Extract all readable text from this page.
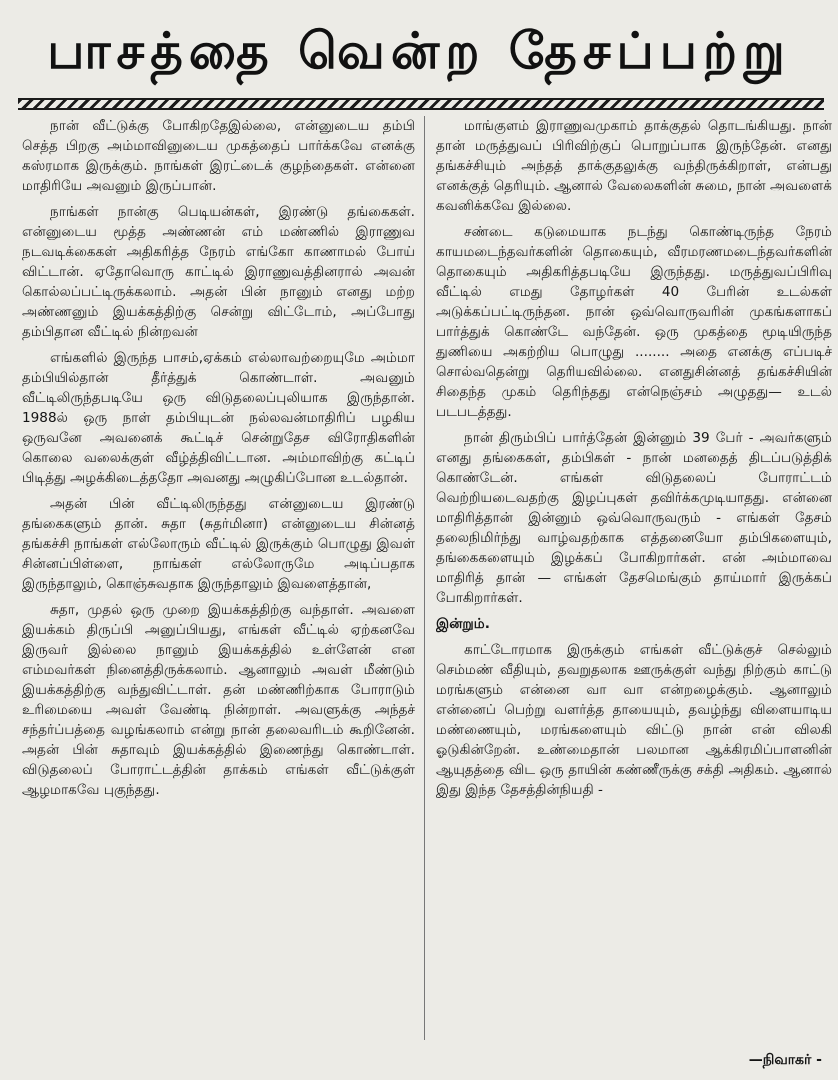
பாசத்தை வென்ற தேசப்பற்று

நான் வீட்டுக்கு போகிறதேஇல்லை, என்னுடைய தம்பி செத்த பிறகு அம்மாவினுடைய முகத்தைப் பார்க்கவே எனக்கு கஸ்ரமாக இருக்கும். நாங்கள் இரட்டைக் குழந்தைகள். என்னை மாதிரியே அவனும் இருப்பான்.

நாங்கள் நான்கு பெடியன்கள், இரண்டு தங்கைகள். என்னுடைய மூத்த அண்ணன் எம் மண்ணில் இராணுவ நடவடிக்கைகள் அதிகரித்த நேரம் எங்கோ காணாமல் போய் விட்டான். ஏதோவொரு காட்டில் இராணுவத்தினரால் அவன் கொல்லப்பட்டிருக்கலாம். அதன் பின் நானும் எனது மற்ற அண்ணனும் இயக்கத்திற்கு சென்று விட்டோம், அப்போது தம்பிதான வீட்டில் நின்றவன்

எங்களில் இருந்த பாசம்,ஏக்கம் எல்லாவற்றையுமே அம்மா தம்பியில்தான் தீர்த்துக் கொண்டாள். அவனும் வீட்டிலிருந்தபடியே ஒரு விடுதலைப்புலியாக இருந்தான். 1988ல் ஒரு நாள் தம்பியுடன் நல்லவன்மாதிரிப் பழகிய ஒருவனே அவனைக் கூட்டிச் சென்றுதேச விரோதிகளின் கொலை வலைக்குள் வீழ்த்திவிட்டான. அம்மாவிற்கு கட்டிப் பிடித்து அழக்கிடைத்ததோ அவனது அழுகிப்போன உடல்தான்.

அதன் பின் வீட்டிலிருந்தது என்னுடைய இரண்டு தங்கைகளும் தான். சுதா (சுதர்மினா) என்னுடைய சின்னத் தங்கச்சி நாங்கள் எல்லோரும் வீட்டில் இருக்கும் பொழுது இவள் சின்னப்பிள்ளை, நாங்கள் எல்லோருமே அடிப்பதாக இருந்தாலும், கொஞ்சுவதாக இருந்தாலும் இவளைத்தான்,

சுதா, முதல் ஒரு முறை இயக்கத்திற்கு வந்தாள். அவளை இயக்கம் திருப்பி அனுப்பியது, எங்கள் வீட்டில் ஏற்கனவே இருவர் இல்லை நானும் இயக்கத்தில் உள்ளேன் என எம்மவர்கள் நினைத்திருக்கலாம். ஆனாலும் அவள் மீண்டும் இயக்கத்திற்கு வந்துவிட்டாள். தன் மண்ணிற்காக போராடும் உரிமையை அவள் வேண்டி நின்றாள். அவளுக்கு அந்தச் சந்தர்ப்பத்தை வழங்கலாம் என்று நான் தலைவரிடம் கூறினேன். அதன் பின் சுதாவும் இயக்கத்தில் இணைந்து கொண்டாள். விடுதலைப் போராட்டத்தின் தாக்கம் எங்கள் வீட்டுக்குள் ஆழமாகவே புகுந்தது.

மாங்குளம் இராணுவமுகாம் தாக்குதல் தொடங்கியது. நான் தான் மருத்துவப் பிரிவிற்குப் பொறுப்பாக இருந்தேன். எனது தங்கச்சியும் அந்தத் தாக்குதலுக்கு வந்திருக்கிறாள், என்பது எனக்குத் தெரியும். ஆனால் வேலைகளின் சுமை, நான் அவளைக் கவனிக்கவே இல்லை.

சண்டை கடுமையாக நடந்து கொண்டிருந்த நேரம் காயமடைந்தவர்களின் தொகையும், வீரமரணமடைந்தவர்களின் தொகையும் அதிகரித்தபடியே இருந்தது. மருத்துவப்பிரிவு வீட்டில் எமது தோழர்கள் 40 பேரின் உடல்கள் அடுக்கப்பட்டிருந்தன. நான் ஒவ்வொருவரின் முகங்களாகப் பார்த்துக் கொண்டே வந்தேன். ஒரு முகத்தை மூடியிருந்த துணியை அகற்றிய பொழுது ........ அதை எனக்கு எப்படிச் சொல்வதென்று தெரியவில்லை. எனதுசின்னத் தங்கச்சியின் சிதைந்த முகம் தெரிந்தது என்நெஞ்சம் அழுதது— உடல் படபடத்தது.

நான் திரும்பிப் பார்த்தேன் இன்னும் 39 பேர் - அவர்களும் எனது தங்கைகள், தம்பிகள் - நான் மனதைத் திடப்படுத்திக் கொண்டேன். எங்கள் விடுதலைப் போராட்டம் வெற்றியடைவதற்கு இழப்புகள் தவிர்க்கமுடியாதது. என்னை மாதிரித்தான் இன்னும் ஒவ்வொருவரும் - எங்கள் தேசம் தலைநிமிர்ந்து வாழ்வதற்காக எத்தனையோ தம்பிகளையும், தங்கைகளையும் இழக்கப் போகிறார்கள். என் அம்மாவை மாதிரித் தான் — எங்கள் தேசமெங்கும் தாய்மார் இருக்கப் போகிறார்கள்.

இன்றும்.

காட்டோரமாக இருக்கும் எங்கள் வீட்டுக்குச் செல்லும் செம்மண் வீதியும், தவறுதலாக ஊருக்குள் வந்து நிற்கும் காட்டு மரங்களும் என்னை வா வா என்றழைக்கும். ஆனாலும் என்னைப் பெற்று வளர்த்த தாயையும், தவழ்ந்து விளையாடிய மண்ணையும், மரங்களையும் விட்டு நான் என் விலகி ஓடுகின்றேன். உண்மைதான் பலமான ஆக்கிரமிப்பாளனின் ஆயுதத்தை விட ஒரு தாயின் கண்ணீருக்கு சக்தி அதிகம். ஆனால் இது இந்த தேசத்தின்நியதி -

—நிவாகர் -
